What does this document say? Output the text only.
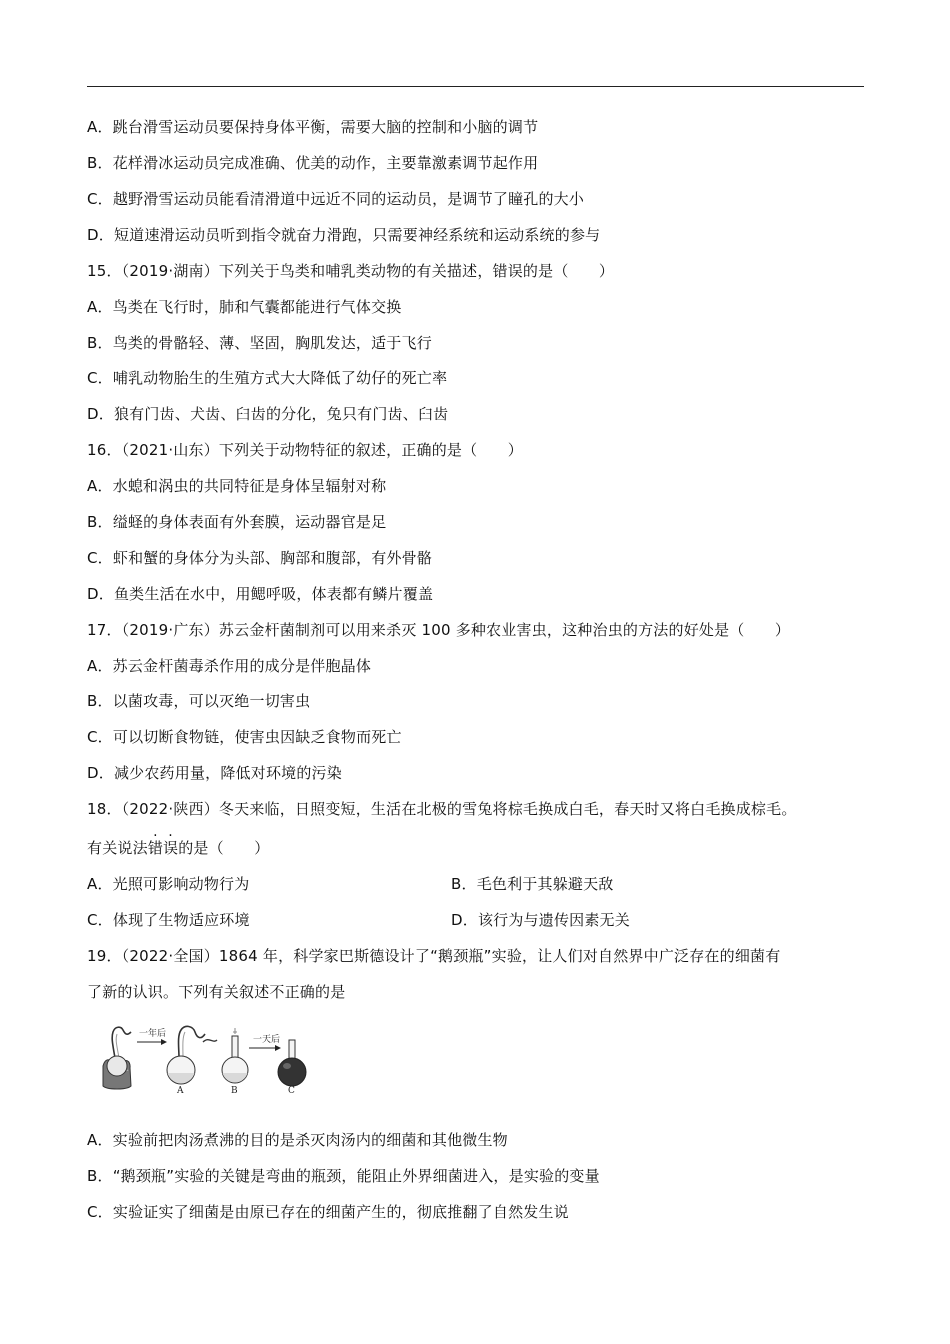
A．跳台滑雪运动员要保持身体平衡，需要大脑的控制和小脑的调节
B．花样滑冰运动员完成准确、优美的动作，主要靠激素调节起作用
C．越野滑雪运动员能看清滑道中远近不同的运动员，是调节了瞳孔的大小
D．短道速滑运动员听到指令就奋力滑跑，只需要神经系统和运动系统的参与
15．（2019·湖南）下列关于鸟类和哺乳类动物的有关描述，错误的是（　　）
A．鸟类在飞行时，肺和气囊都能进行气体交换
B．鸟类的骨骼轻、薄、坚固，胸肌发达，适于飞行
C．哺乳动物胎生的生殖方式大大降低了幼仔的死亡率
D．狼有门齿、犬齿、臼齿的分化，兔只有门齿、臼齿
16．（2021·山东）下列关于动物特征的叙述，正确的是（　　）
A．水螅和涡虫的共同特征是身体呈辐射对称
B．缢蛏的身体表面有外套膜，运动器官是足
C．虾和蟹的身体分为头部、胸部和腹部，有外骨骼
D．鱼类生活在水中，用鳃呼吸，体表都有鳞片覆盖
17．（2019·广东）苏云金杆菌制剂可以用来杀灭 100 多种农业害虫，这种治虫的方法的好处是（　　）
A．苏云金杆菌毒杀作用的成分是伴胞晶体
B．以菌攻毒，可以灭绝一切害虫
C．可以切断食物链，使害虫因缺乏食物而死亡
D．减少农药用量，降低对环境的污染
18．（2022·陕西）冬天来临，日照变短，生活在北极的雪兔将棕毛换成白毛，春天时又将白毛换成棕毛。
有关说法错误的是（　　）
A．光照可影响动物行为	B．毛色利于其躲避天敌
C．体现了生物适应环境	D．该行为与遗传因素无关
19．（2022·全国）1864 年，科学家巴斯德设计了“鹅颈瓶”实验，让人们对自然界中广泛存在的细菌有
了新的认识。下列有关叙述不正确的是
一年后
A	B
一天后
C
A．实验前把肉汤煮沸的目的是杀灭肉汤内的细菌和其他微生物
B．“鹅颈瓶”实验的关键是弯曲的瓶颈，能阻止外界细菌进入，是实验的变量
C．实验证实了细菌是由原已存在的细菌产生的，彻底推翻了自然发生说
